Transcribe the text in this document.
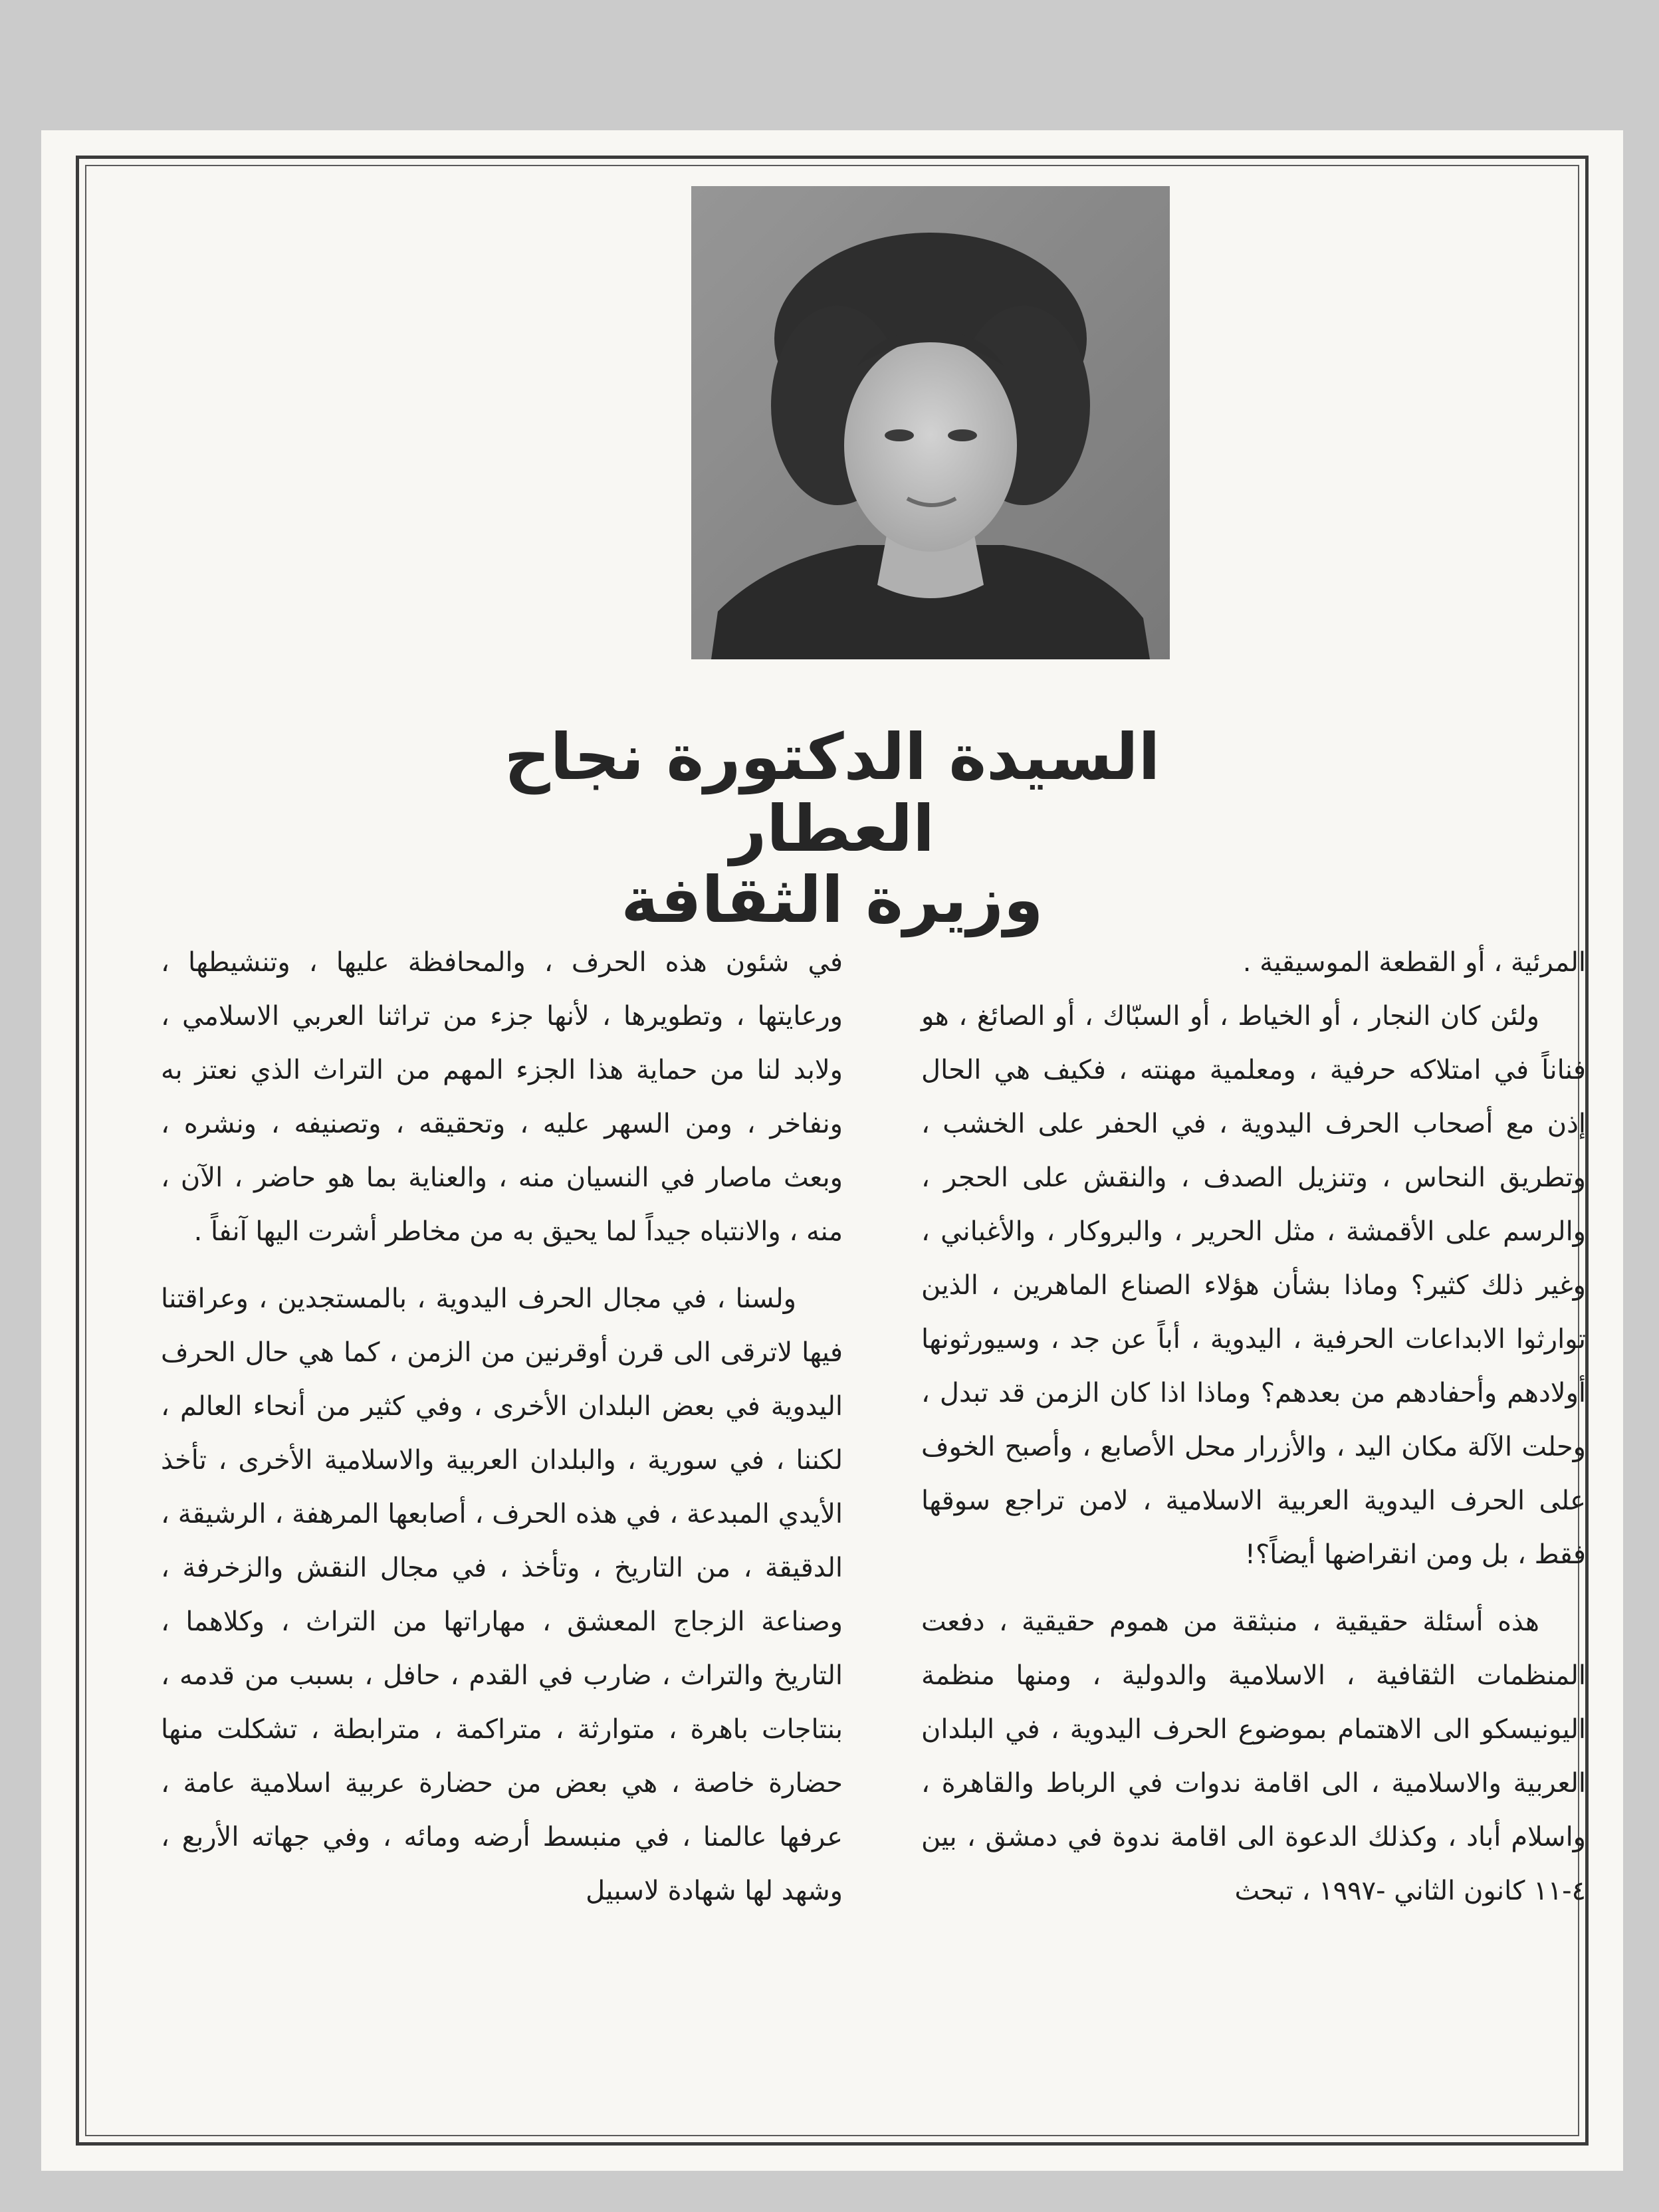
السيدة الدكتورة نجاح العطار
وزيرة الثقافة

المرئية ، أو القطعة الموسيقية .

ولئن كان النجار ، أو الخياط ، أو السبّاك ، أو الصائغ ، هو فناناً في امتلاكه حرفية ، ومعلمية مهنته ، فكيف هي الحال إذن مع أصحاب الحرف اليدوية ، في الحفر على الخشب ، وتطريق النحاس ، وتنزيل الصدف ، والنقش على الحجر ، والرسم على الأقمشة ، مثل الحرير ، والبروكار ، والأغباني ، وغير ذلك كثير؟ وماذا بشأن هؤلاء الصناع الماهرين ، الذين توارثوا الابداعات الحرفية ، اليدوية ، أباً عن جد ، وسيورثونها أولادهم وأحفادهم من بعدهم؟ وماذا اذا كان الزمن قد تبدل ، وحلت الآلة مكان اليد ، والأزرار محل الأصابع ، وأصبح الخوف على الحرف اليدوية العربية الاسلامية ، لامن تراجع سوقها فقط ، بل ومن انقراضها أيضاً؟!

هذه أسئلة حقيقية ، منبثقة من هموم حقيقية ، دفعت المنظمات الثقافية ، الاسلامية والدولية ، ومنها منظمة اليونيسكو الى الاهتمام بموضوع الحرف اليدوية ، في البلدان العربية والاسلامية ، الى اقامة ندوات في الرباط والقاهرة ، واسلام أباد ، وكذلك الدعوة الى اقامة ندوة في دمشق ، بين ٤-١١ كانون الثاني -١٩٩٧ ، تبحث

في شئون هذه الحرف ، والمحافظة عليها ، وتنشيطها ، ورعايتها ، وتطويرها ، لأنها جزء من تراثنا العربي الاسلامي ، ولابد لنا من حماية هذا الجزء المهم من التراث الذي نعتز به ونفاخر ، ومن السهر عليه ، وتحقيقه ، وتصنيفه ، ونشره ، وبعث ماصار في النسيان منه ، والعناية بما هو حاضر ، الآن ، منه ، والانتباه جيداً لما يحيق به من مخاطر أشرت اليها آنفاً .

ولسنا ، في مجال الحرف اليدوية ، بالمستجدين ، وعراقتنا فيها لاترقى الى قرن أوقرنين من الزمن ، كما هي حال الحرف اليدوية في بعض البلدان الأخرى ، وفي كثير من أنحاء العالم ، لكننا ، في سورية ، والبلدان العربية والاسلامية الأخرى ، تأخذ الأيدي المبدعة ، في هذه الحرف ، أصابعها المرهفة ، الرشيقة ، الدقيقة ، من التاريخ ، وتأخذ ، في مجال النقش والزخرفة ، وصناعة الزجاج المعشق ، مهاراتها من التراث ، وكلاهما ، التاريخ والتراث ، ضارب في القدم ، حافل ، بسبب من قدمه ، بنتاجات باهرة ، متوارثة ، متراكمة ، مترابطة ، تشكلت منها حضارة خاصة ، هي بعض من حضارة عربية اسلامية عامة ، عرفها عالمنا ، في منبسط أرضه ومائه ، وفي جهاته الأربع ، وشهد لها شهادة لاسبيل
